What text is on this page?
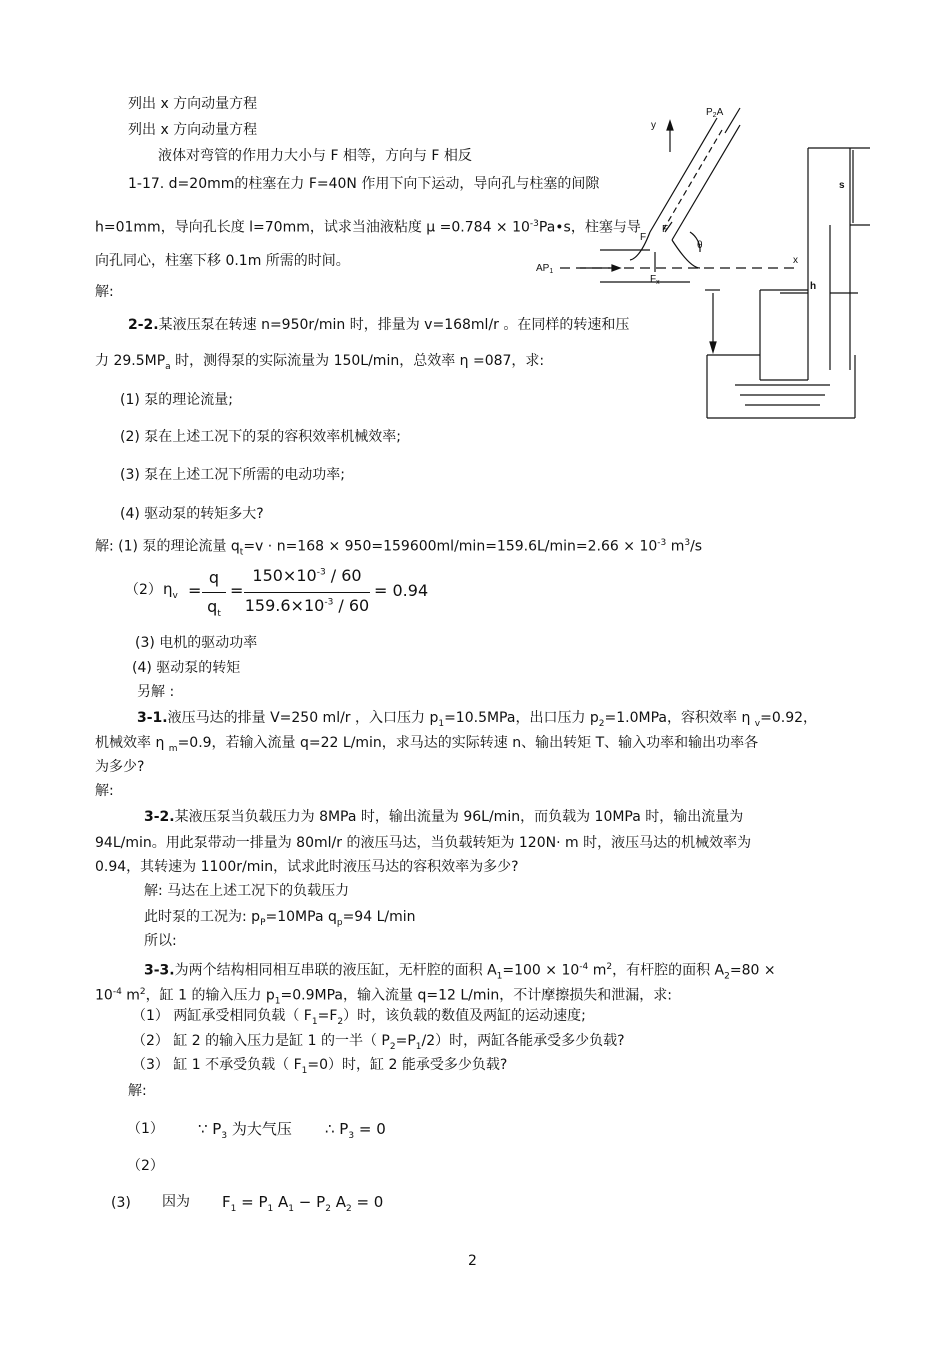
列出 x 方向动量方程
列出 x 方向动量方程
液体对弯管的作用力大小与 F 相等，方向与 F 相反
1-17. d=20mm的柱塞在力 F=40N 作用下向下运动，导向孔与柱塞的间隙
h=01mm，导向孔长度 l=70mm，试求当油液粘度 $\mu =0.784 \times 10^{-3}Pa•s$，柱塞与导
向孔同心，柱塞下移 0.1m 所需的时间。
解:
2-2.某液压泵在转速 n=950r/min 时，排量为 v=168ml/r 。在同样的转速和压
力 $29.5MP_a$ 时，测得泵的实际流量为 150L/min，总效率 η =087，求:
(1) 泵的理论流量;
(2) 泵在上述工况下的泵的容积效率机械效率;
(3) 泵在上述工况下所需的电动功率;
(4) 驱动泵的转矩多大?
解: (1) 泵的理论流量 $q_t=v \cdot n=168 \times 950=159600ml/\min=159.6L/\min=2.66 \times 10^{-3}$ $m^3/s$
（2） $\eta_v$ =
q
$q_t$
=
$150\times 10^{-3} / 60$
$159.6\times 10^{-3} / 60$
= 0.94
(3) 电机的驱动功率
(4) 驱动泵的转矩
另解 :
3-1.液压马达的排量 V=250 ml/r ，入口压力 $p_1=10.5MPa$，出口压力 $p_2=1.0MPa$，容积效率 η $_v$=0.92，
机械效率 η $_m$=0.9，若输入流量 q=22 L/min，求马达的实际转速 n、输出转矩 T、输入功率和输出功率各
为多少?
解:
3-2.某液压泵当负载压力为 8MPa 时，输出流量为 96L/min，而负载为 10MPa 时，输出流量为
94L/min。用此泵带动一排量为 80ml/r 的液压马达，当负载转矩为 120N· m 时，液压马达的机械效率为
0.94，其转速为 1100r/min，试求此时液压马达的容积效率为多少?
解: 马达在上述工况下的负载压力
此时泵的工况为: $p_P=10MPa$ $q_p=94$ L/min
所以:
3-3.为两个结构相同相互串联的液压缸，无杆腔的面积 $A_1=100 \times 10^{-4}$ $m^2$，有杆腔的面积 $A_2=80$ ×
$10^{-4}$ $m^2$，缸 1 的输入压力 $p_1=0.9MPa$，输入流量 q=12 L/min，不计摩擦损失和泄漏，求:
（1） 两缸承受相同负载（ $F_1=F_2$）时，该负载的数值及两缸的运动速度;
（2） 缸 2 的输入压力是缸 1 的一半（ $P_2=P_1/2$）时，两缸各能承受多少负载?
（3） 缸 1 不承受负载（ $F_1=0$）时，缸 2 能承受多少负载?
解:
（1） ∵ $P_3$ 为大气压 ∴ $P_3 = 0$
（2）
(3) 因为 $F_1 = P_1$ $A_1 - P_2$ $A_2 = 0$
2
y
$P_2A$
$AP_1$
x
θ
F
F
$F_x$
s
h
